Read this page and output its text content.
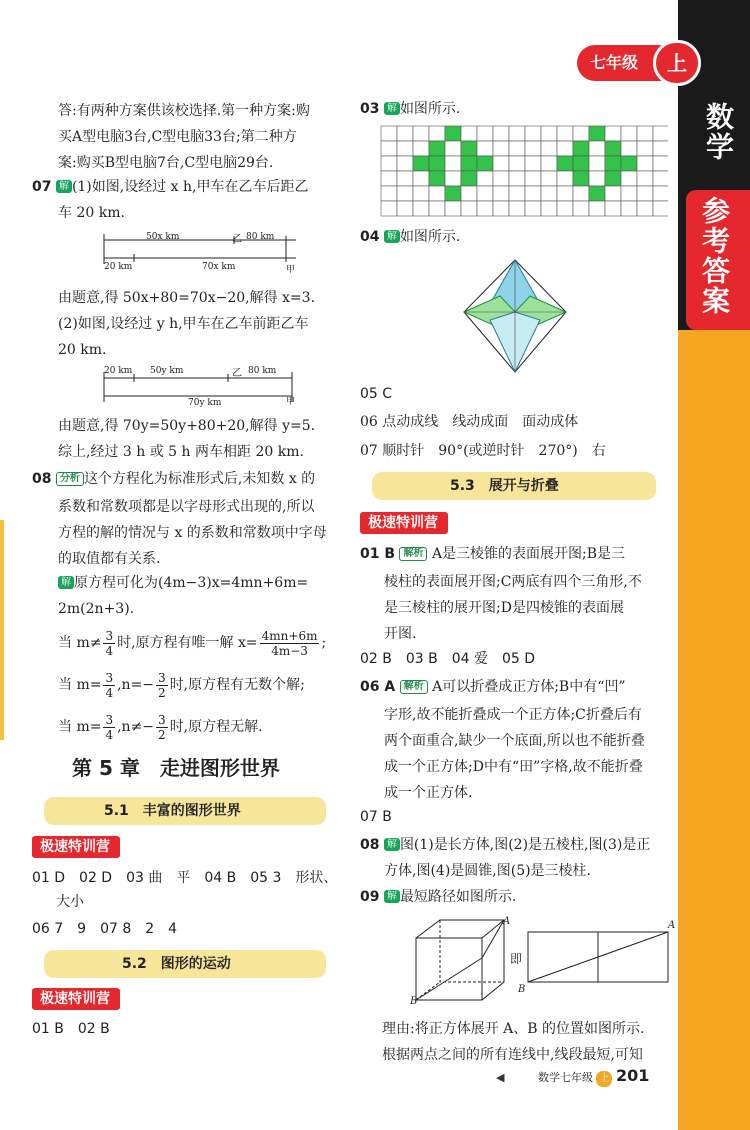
七年级	上
数学
参考答案
答:有两种方案供该校选择.第一种方案:购
买A型电脑3台,C型电脑33台;第二种方
案:购买B型电脑7台,C型电脑29台.
07 解 (1)如图,设经过 x h,甲车在乙车后距乙
车 20 km.
50x km	乙 80 km
20 km	70x km	甲
由题意,得 50x+80=70x−20,解得 x=3.
(2)如图,设经过 y h,甲车在乙车前距乙车
20 km.
20 km 50y km	乙 80 km
70y km	甲
由题意,得 70y=50y+80+20,解得 y=5.
综上,经过 3 h 或 5 h 两车相距 20 km.
08 分析 这个方程化为标准形式后,未知数 x 的
系数和常数项都是以字母形式出现的,所以
方程的解的情况与 x 的系数和常数项中字母
的取值都有关系.
解 原方程可化为(4m−3)x=4mn+6m=
2m(2n+3).
当 $m\ne \frac{3}{4}$ 时,原方程有唯一解 $x= \frac{4mn+6m}{4m-3}$ ;
当 $m= \frac{3}{4} ,n=- \frac{3}{2}$ 时,原方程有无数个解;
当 $m= \frac{3}{4} ,n\ne- \frac{3}{2}$ 时,原方程无解.
第 5 章　走进图形世界
5.1　丰富的图形世界
极速特训营
01 D　02 D　03 曲　平　04 B　05 3　形状、
大小
06 7　9　07 8　2　4
5.2　图形的运动
极速特训营
01 B　02 B
03 解 如图所示.
04 解 如图所示.
05 C
06 点动成线　线动成面　面动成体
07 顺时针　90°(或逆时针　270°)　右
5.3　展开与折叠
极速特训营
01 B 解析 A是三棱锥的表面展开图;B是三
棱柱的表面展开图;C两底有四个三角形,不
是三棱柱的展开图;D是四棱锥的表面展
开图.
02 B　03 B　04 爱　05 D
06 A 解析 A可以折叠成正方体;B中有“凹”
字形,故不能折叠成一个正方体;C折叠后有
两个面重合,缺少一个底面,所以也不能折叠
成一个正方体;D中有“田”字格,故不能折叠
成一个正方体.
07 B
08 解 图(1)是长方体,图(2)是五棱柱,图(3)是正
方体,图(4)是圆锥,图(5)是三棱柱.
09 解 最短路径如图所示.
A
B
即
A
B
理由:将正方体展开 A、B 的位置如图所示.
根据两点之间的所有连线中,线段最短,可知
◀	数学七年级 上 201
